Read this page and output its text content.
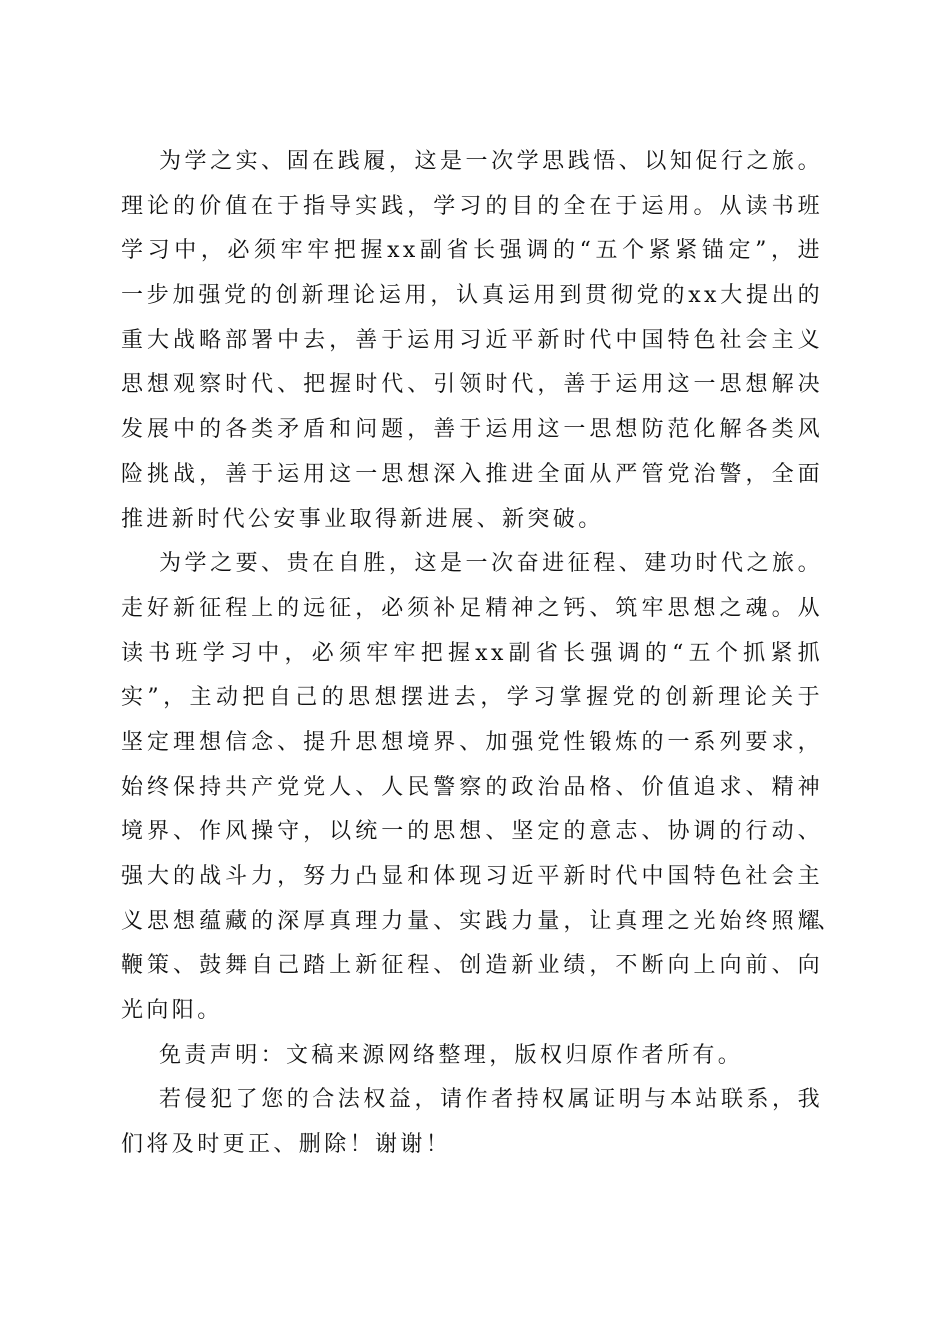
为学之实、固在践履，这是一次学思践悟、以知促行之旅。
理论的价值在于指导实践，学习的目的全在于运用。从读书班
学习中，必须牢牢把握xx副省长强调的“五个紧紧锚定”，进
一步加强党的创新理论运用，认真运用到贯彻党的xx大提出的
重大战略部署中去，善于运用习近平新时代中国特色社会主义
思想观察时代、把握时代、引领时代，善于运用这一思想解决
发展中的各类矛盾和问题，善于运用这一思想防范化解各类风
险挑战，善于运用这一思想深入推进全面从严管党治警，全面
推进新时代公安事业取得新进展、新突破。
为学之要、贵在自胜，这是一次奋进征程、建功时代之旅。
走好新征程上的远征，必须补足精神之钙、筑牢思想之魂。从
读书班学习中，必须牢牢把握xx副省长强调的“五个抓紧抓
实”，主动把自己的思想摆进去，学习掌握党的创新理论关于
坚定理想信念、提升思想境界、加强党性锻炼的一系列要求，
始终保持共产党党人、人民警察的政治品格、价值追求、精神
境界、作风操守，以统一的思想、坚定的意志、协调的行动、
强大的战斗力，努力凸显和体现习近平新时代中国特色社会主
义思想蕴藏的深厚真理力量、实践力量，让真理之光始终照耀
、
鞭策、鼓舞自己踏上新征程、创造新业绩，不断向上向前、向
光向阳。
免责声明：文稿来源网络整理，版权归原作者所有。
若侵犯了您的合法权益，请作者持权属证明与本站联系，我
们将及时更正、删除！谢谢！
